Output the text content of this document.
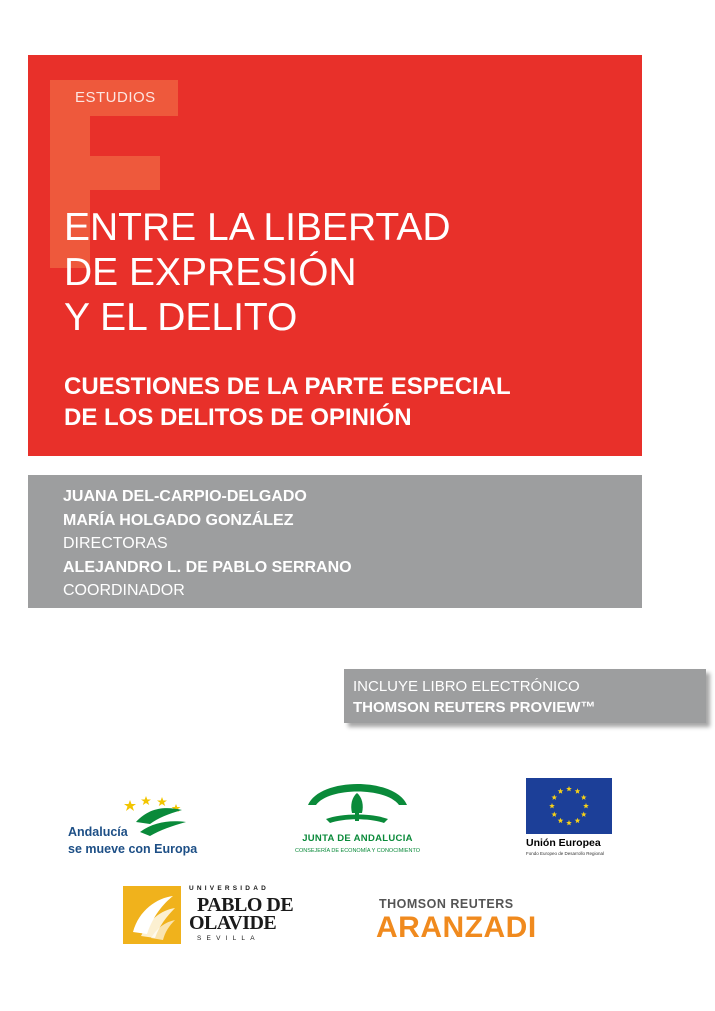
ESTUDIOS
ENTRE LA LIBERTAD
DE EXPRESIÓN
Y EL DELITO
CUESTIONES DE LA PARTE ESPECIAL
DE LOS DELITOS DE OPINIÓN
JUANA DEL-CARPIO-DELGADO
MARÍA HOLGADO GONZÁLEZ
DIRECTORAS
ALEJANDRO L. DE PABLO SERRANO
COORDINADOR
INCLUYE LIBRO ELECTRÓNICO
THOMSON REUTERS PROVIEW™
Andalucía
se mueve con Europa
JUNTA DE ANDALUCIA
CONSEJERÍA DE ECONOMÍA Y CONOCIMIENTO
Unión Europea
Fondo Europeo de Desarrollo Regional
UNIVERSIDAD
PABLO DE
OLAVIDE
SEVILLA
THOMSON REUTERS
ARANZADI
